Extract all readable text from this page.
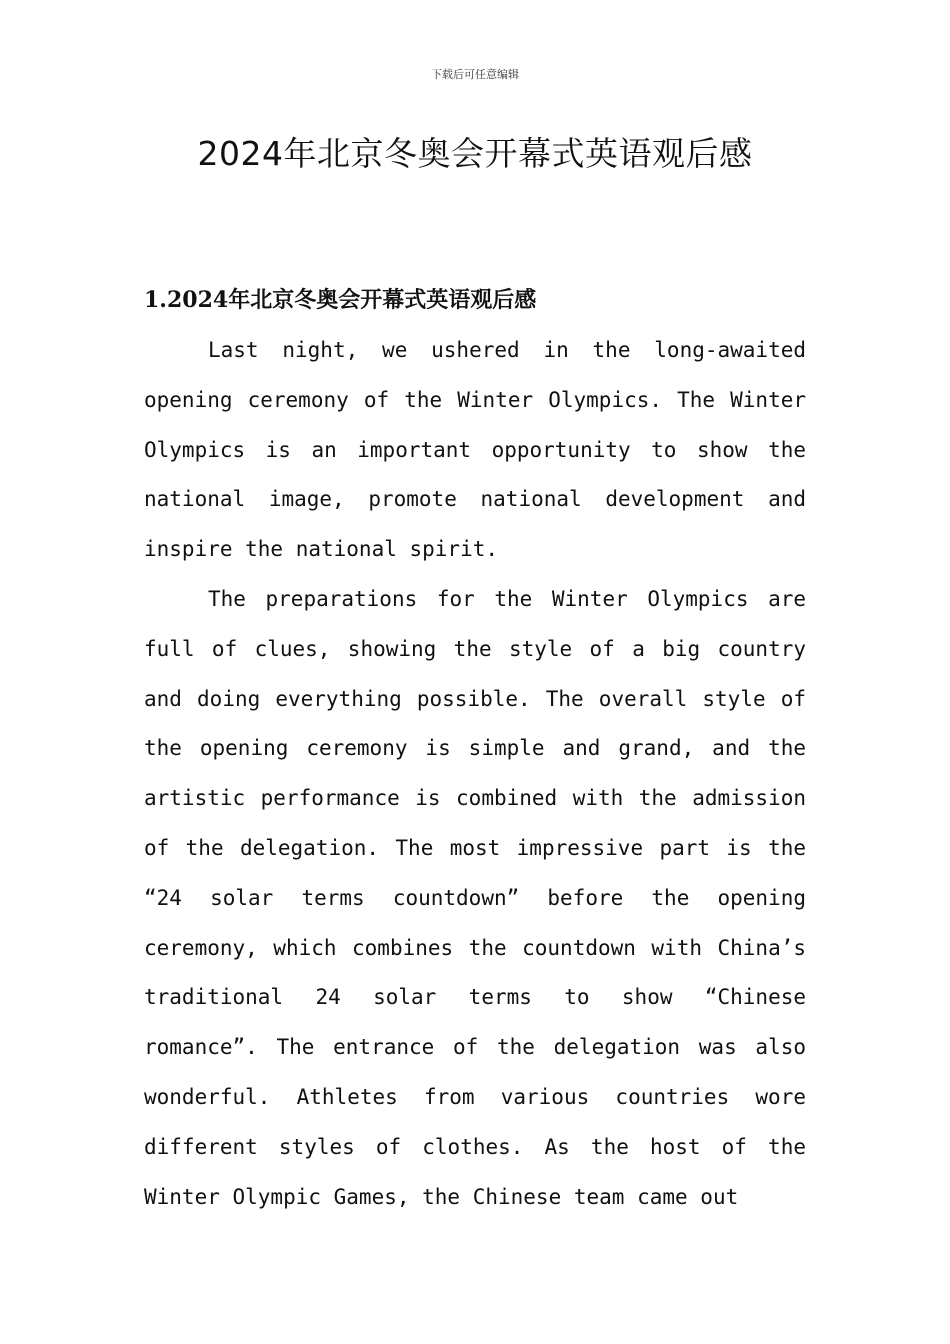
下载后可任意编辑
2024年北京冬奥会开幕式英语观后感
1.2024年北京冬奥会开幕式英语观后感

Last night, we ushered in the long-awaited opening ceremony of the Winter Olympics. The Winter Olympics is an important opportunity to show the national image, promote national development and inspire the national spirit.

The preparations for the Winter Olympics are full of clues, showing the style of a big country and doing everything possible. The overall style of the opening ceremony is simple and grand, and the artistic performance is combined with the admission of the delegation. The most impressive part is the “24 solar terms countdown” before the opening ceremony, which combines the countdown with China’s traditional 24 solar terms to show “Chinese romance”. The entrance of the delegation was also wonderful. Athletes from various countries wore different styles of clothes. As the host of the Winter Olympic Games, the Chinese team came out
